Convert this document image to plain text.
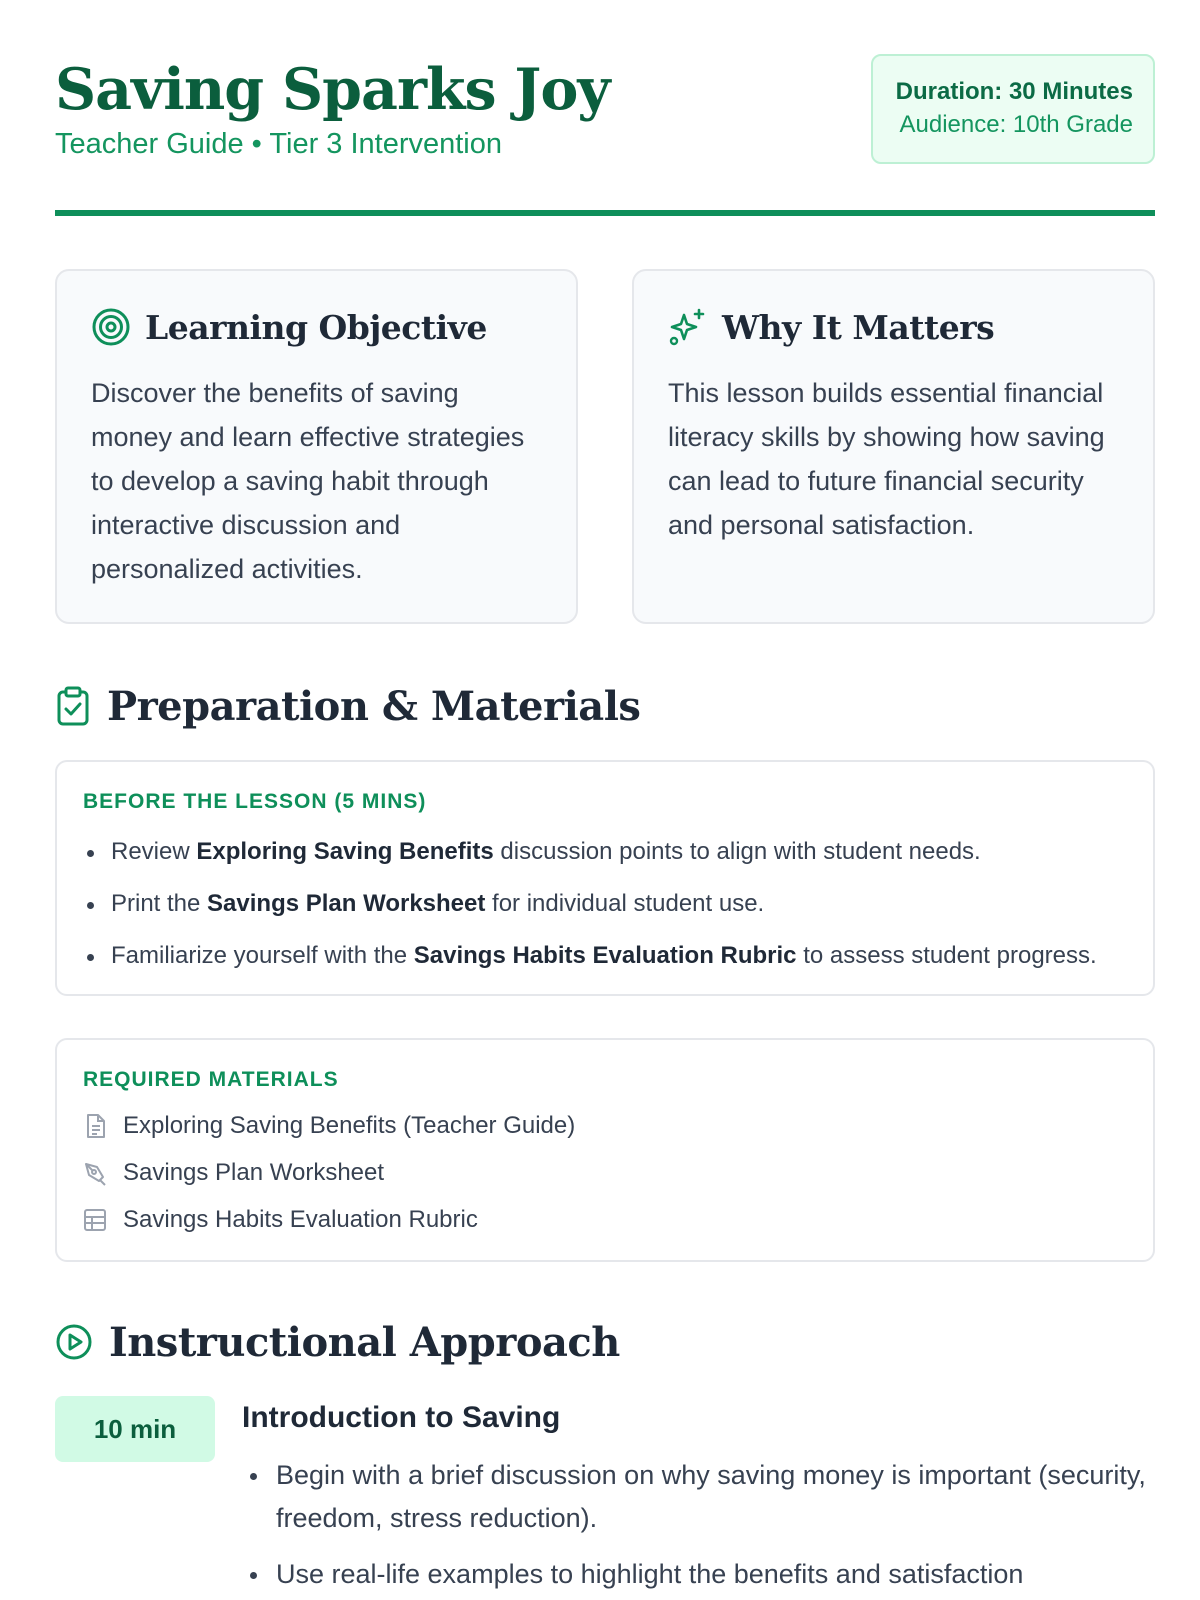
Saving Sparks Joy
Teacher Guide • Tier 3 Intervention
Duration: 30 Minutes
Audience: 10th Grade
Learning Objective

Discover the benefits of saving money and learn effective strategies to develop a saving habit through interactive discussion and personalized activities.

Why It Matters

This lesson builds essential financial literacy skills by showing how saving can lead to future financial security and personal satisfaction.

Preparation & Materials
BEFORE THE LESSON (5 MINS)
Review Exploring Saving Benefits discussion points to align with student needs.
Print the Savings Plan Worksheet for individual student use.
Familiarize yourself with the Savings Habits Evaluation Rubric to assess student progress.
REQUIRED MATERIALS
Exploring Saving Benefits (Teacher Guide)
Savings Plan Worksheet
Savings Habits Evaluation Rubric
Instructional Approach
10 min	Introduction to Saving
Begin with a brief discussion on why saving money is important (security, freedom, stress reduction).
Use real-life examples to highlight the benefits and satisfaction
